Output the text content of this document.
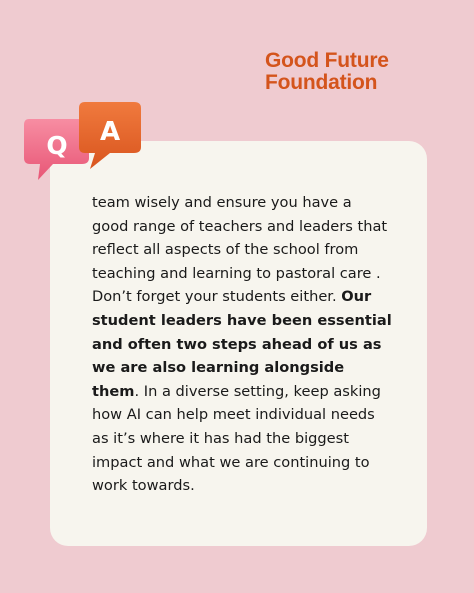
Good Future
Foundation
Q A
team wisely and ensure you have a good range of teachers and leaders that reflect all aspects of the school from teaching and learning to pastoral care . Don’t forget your students either. Our student leaders have been essential and often two steps ahead of us as we are also learning alongside them. In a diverse setting, keep asking how AI can help meet individual needs as it’s where it has had the biggest impact and what we are continuing to work towards.
